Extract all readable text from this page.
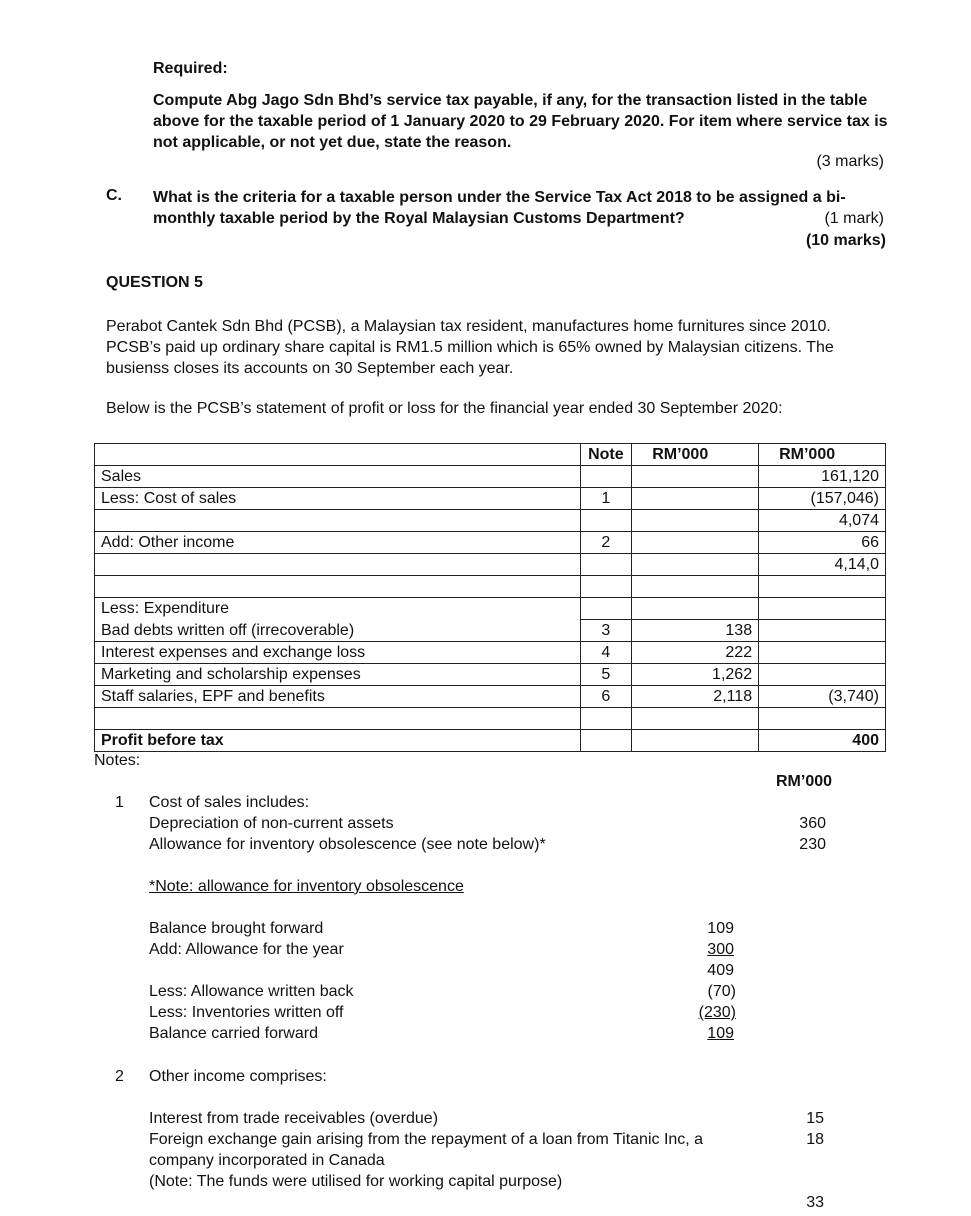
Required:
Compute Abg Jago Sdn Bhd’s service tax payable, if any, for the transaction listed in the table above for the taxable period of 1 January 2020 to 29 February 2020. For item where service tax is not applicable, or not yet due, state the reason.
(3 marks)
C. What is the criteria for a taxable person under the Service Tax Act 2018 to be assigned a bi-monthly taxable period by the Royal Malaysian Customs Department?	(1 mark)
(10 marks)
QUESTION 5
Perabot Cantek Sdn Bhd (PCSB), a Malaysian tax resident, manufactures home furnitures since 2010. PCSB’s paid up ordinary share capital is RM1.5 million which is 65% owned by Malaysian citizens. The busienss closes its accounts on 30 September each year.
Below is the PCSB’s statement of profit or loss for the financial year ended 30 September 2020:
	Note	RM’000	RM’000
Sales			161,120
Less: Cost of sales	1		(157,046)
			4,074
Add: Other income	2		66
			4,14,0

Less: Expenditure			
Bad debts written off (irrecoverable)	3	138	
Interest expenses and exchange loss	4	222	
Marketing and scholarship expenses	5	1,262	
Staff salaries, EPF and benefits	6	2,118	(3,740)

Profit before tax			400
Notes:
RM’000
1 Cost of sales includes:
Depreciation of non-current assets	360
Allowance for inventory obsolescence (see note below)*	230
*Note: allowance for inventory obsolescence
Balance brought forward	109
Add: Allowance for the year	300
409
Less: Allowance written back	(70)
Less: Inventories written off	(230)
Balance carried forward	109
2 Other income comprises:
Interest from trade receivables (overdue)	15
Foreign exchange gain arising from the repayment of a loan from Titanic Inc, a	18
company incorporated in Canada
(Note: The funds were utilised for working capital purpose)
33
